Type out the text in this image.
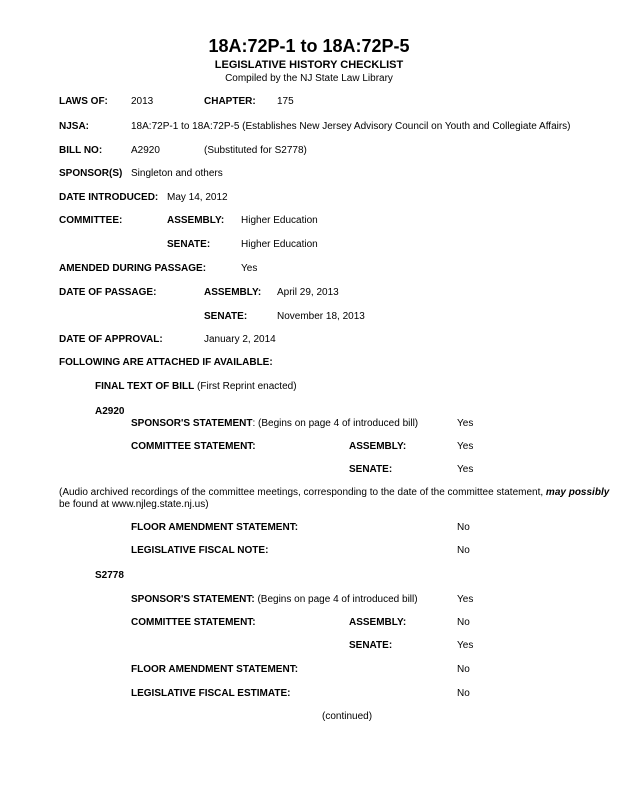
18A:72P-1 to 18A:72P-5
LEGISLATIVE HISTORY CHECKLIST
Compiled by the NJ State Law Library
LAWS OF: 2013	CHAPTER: 175
NJSA:	18A:72P-1 to 18A:72P-5 (Establishes New Jersey Advisory Council on Youth and Collegiate Affairs)
BILL NO:	A2920	(Substituted for S2778)
SPONSOR(S) Singleton and others
DATE INTRODUCED: May 14, 2012
COMMITTEE:	ASSEMBLY: Higher Education
SENATE:	Higher Education
AMENDED DURING PASSAGE:	Yes
DATE OF PASSAGE:	ASSEMBLY: April 29, 2013
SENATE:	November 18, 2013
DATE OF APPROVAL:	January 2, 2014
FOLLOWING ARE ATTACHED IF AVAILABLE:
FINAL TEXT OF BILL (First Reprint enacted)
A2920
SPONSOR'S STATEMENT: (Begins on page 4 of introduced bill)	Yes
COMMITTEE STATEMENT:	ASSEMBLY:	Yes
SENATE:	Yes
(Audio archived recordings of the committee meetings, corresponding to the date of the committee statement, may possibly
be found at www.njleg.state.nj.us)
FLOOR AMENDMENT STATEMENT:	No
LEGISLATIVE FISCAL NOTE:	No
S2778
SPONSOR'S STATEMENT: (Begins on page 4 of introduced bill)	Yes
COMMITTEE STATEMENT:	ASSEMBLY:	No
SENATE:	Yes
FLOOR AMENDMENT STATEMENT:	No
LEGISLATIVE FISCAL ESTIMATE:	No
(continued)
